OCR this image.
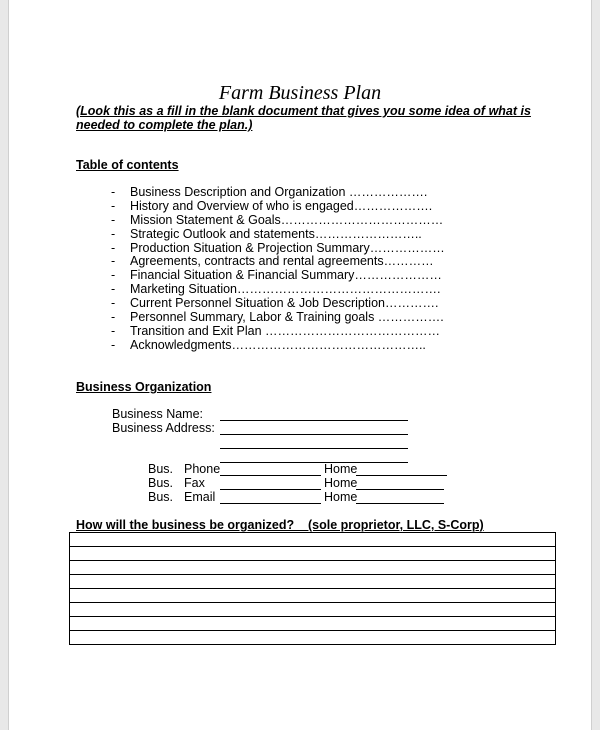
Farm Business Plan
(Look this as a fill in the blank document that gives you some idea of what is
needed to complete the plan.)
Table of contents
- Business Description and Organization ……………….
- History and Overview of who is engaged……………….
- Mission Statement & Goals…………………………………
- Strategic Outlook and statements……………………..
- Production Situation & Projection Summary………………
- Agreements, contracts and rental agreements…………
- Financial Situation & Financial Summary…………………
- Marketing Situation………………………………………….
- Current Personnel Situation & Job Description………….
- Personnel Summary, Labor & Training goals …………….
- Transition and Exit Plan ……………………………………
- Acknowledgments………………………………………..
Business Organization
Business Name:
Business Address:
Bus. Phone	Home
Bus. Fax	Home
Bus. Email	Home
How will the business be organized?    (sole proprietor, LLC, S-Corp)
